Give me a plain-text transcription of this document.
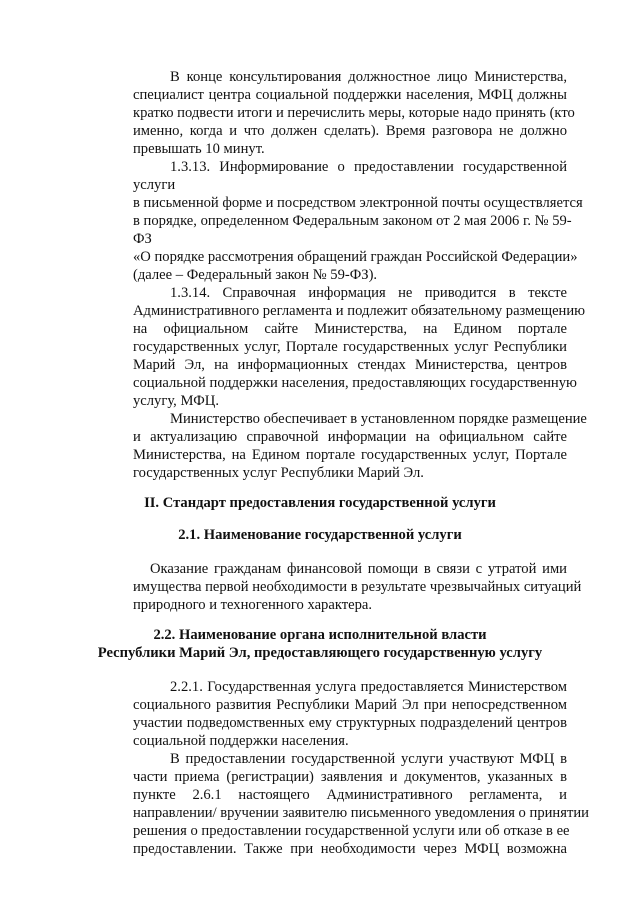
В конце консультирования должностное лицо Министерства,
специалист центра социальной поддержки населения, МФЦ должны
кратко подвести итоги и перечислить меры, которые надо принять (кто
именно, когда и что должен сделать). Время разговора не должно
превышать 10 минут.
1.3.13. Информирование о предоставлении государственной
услуги
в письменной форме и посредством электронной почты осуществляется
в порядке, определенном Федеральным законом от 2 мая 2006 г. № 59-
ФЗ
«О порядке рассмотрения обращений граждан Российской Федерации»
(далее – Федеральный закон № 59-ФЗ).
1.3.14. Справочная информация не приводится в тексте
Административного регламента и подлежит обязательному размещению
на официальном сайте Министерства, на Едином портале
государственных услуг, Портале государственных услуг Республики
Марий Эл, на информационных стендах Министерства, центров
социальной поддержки населения, предоставляющих государственную
услугу, МФЦ.
Министерство обеспечивает в установленном порядке размещение
и актуализацию справочной информации на официальном сайте
Министерства, на Едином портале государственных услуг, Портале
государственных услуг Республики Марий Эл.
II. Стандарт предоставления государственной услуги
2.1. Наименование государственной услуги
Оказание гражданам финансовой помощи в связи с утратой ими
имущества первой необходимости в результате чрезвычайных ситуаций
природного и техногенного характера.
2.2. Наименование органа исполнительной власти
Республики Марий Эл, предоставляющего государственную услугу
2.2.1. Государственная услуга предоставляется Министерством
социального развития Республики Марий Эл при непосредственном
участии подведомственных ему структурных подразделений центров
социальной поддержки населения.
В предоставлении государственной услуги участвуют МФЦ в
части приема (регистрации) заявления и документов, указанных в
пункте 2.6.1 настоящего Административного регламента, и
направлении/ вручении заявителю письменного уведомления о принятии
решения о предоставлении государственной услуги или об отказе в ее
предоставлении. Также при необходимости через МФЦ возможна
